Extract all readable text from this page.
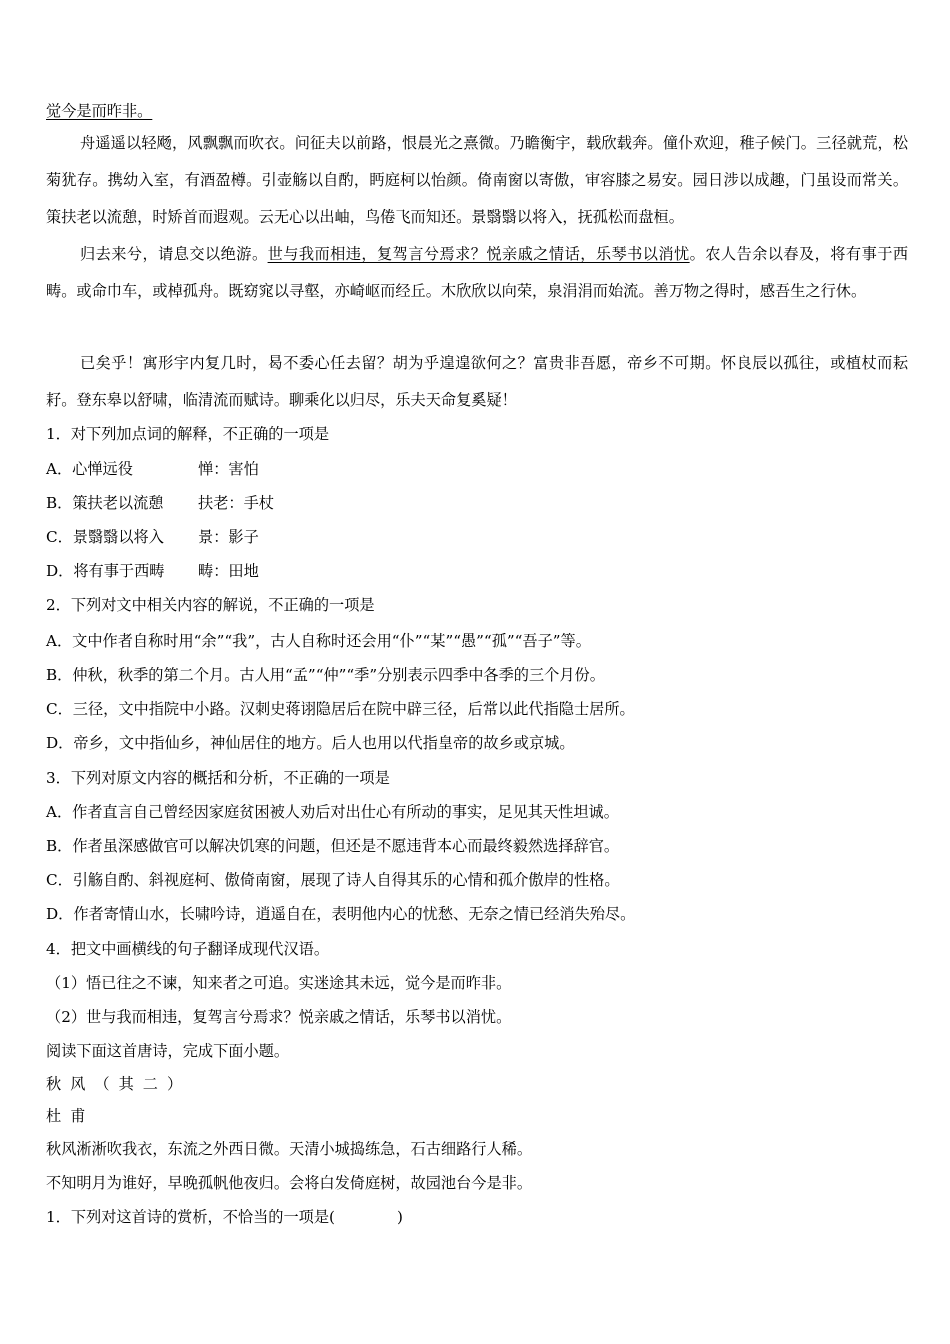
觉今是而昨非。
舟遥遥以轻飏，风飘飘而吹衣。问征夫以前路，恨晨光之熹微。乃瞻衡宇，载欣载奔。僮仆欢迎，稚子候门。三径就荒，松菊犹存。携幼入室，有酒盈樽。引壶觞以自酌，眄庭柯以怡颜。倚南窗以寄傲，审容膝之易安。园日涉以成趣，门虽设而常关。策扶老以流憩，时矫首而遐观。云无心以出岫，鸟倦飞而知还。景翳翳以将入，抚孤松而盘桓。
归去来兮，请息交以绝游。世与我而相违，复驾言兮焉求？悦亲戚之情话，乐琴书以消忧。农人告余以春及，将有事于西畴。或命巾车，或棹孤舟。既窈窕以寻壑，亦崎岖而经丘。木欣欣以向荣，泉涓涓而始流。善万物之得时，感吾生之行休。
已矣乎！寓形宇内复几时，曷不委心任去留？胡为乎遑遑欲何之？富贵非吾愿，帝乡不可期。怀良辰以孤往，或植杖而耘耔。登东皋以舒啸，临清流而赋诗。聊乘化以归尽，乐夫天命复奚疑！
1．对下列加点词的解释，不正确的一项是
A．心惮远役	惮：害怕
B．策扶老以流憩 扶老：手杖
C．景翳翳以将入 景：影子
D．将有事于西畴 畴：田地
2．下列对文中相关内容的解说，不正确的一项是
A．文中作者自称时用“余”“我”，古人自称时还会用“仆”“某”“愚”“孤”“吾子”等。
B．仲秋，秋季的第二个月。古人用“孟”“仲”“季”分别表示四季中各季的三个月份。
C．三径，文中指院中小路。汉刺史蒋诩隐居后在院中辟三径，后常以此代指隐士居所。
D．帝乡，文中指仙乡，神仙居住的地方。后人也用以代指皇帝的故乡或京城。
3．下列对原文内容的概括和分析，不正确的一项是
A．作者直言自己曾经因家庭贫困被人劝后对出仕心有所动的事实，足见其天性坦诚。
B．作者虽深感做官可以解决饥寒的问题，但还是不愿违背本心而最终毅然选择辞官。
C．引觞自酌、斜视庭柯、傲倚南窗，展现了诗人自得其乐的心情和孤介傲岸的性格。
D．作者寄情山水，长啸吟诗，逍遥自在，表明他内心的忧愁、无奈之情已经消失殆尽。
4．把文中画横线的句子翻译成现代汉语。
（1）悟已往之不谏，知来者之可追。实迷途其未远，觉今是而昨非。
（2）世与我而相违，复驾言兮焉求？悦亲戚之情话，乐琴书以消忧。
阅读下面这首唐诗，完成下面小题。
秋风（其二）
杜甫
秋风淅淅吹我衣，东流之外西日微。天清小城捣练急，石古细路行人稀。
不知明月为谁好，早晚孤帆他夜归。会将白发倚庭树，故园池台今是非。
1．下列对这首诗的赏析，不恰当的一项是(	)
